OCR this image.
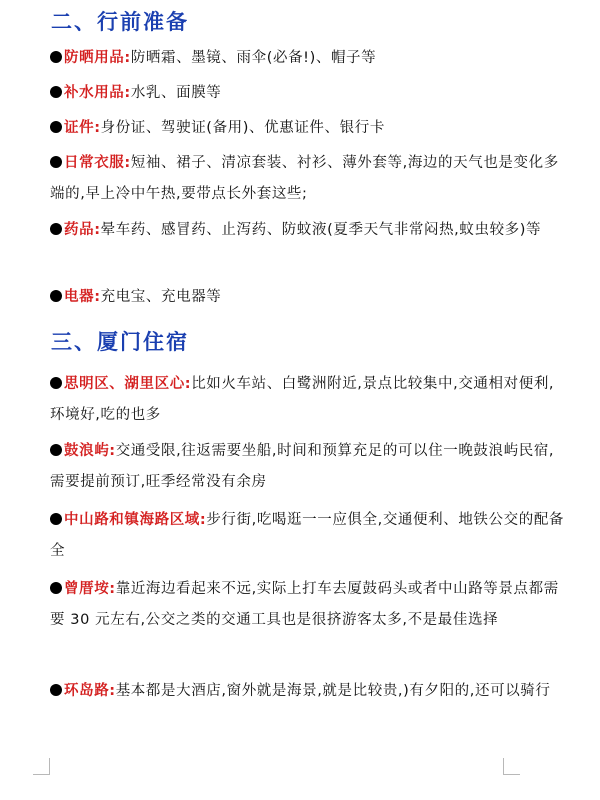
二、行前准备
防晒用品:防晒霜、墨镜、雨伞(必备!)、帽子等
补水用品:水乳、面膜等
证件:身份证、驾驶证(备用)、优惠证件、银行卡
日常衣服:短袖、裙子、清凉套装、衬衫、薄外套等,海边的天气也是变化多端的,早上冷中午热,要带点长外套这些;
药品:晕车药、感冒药、止泻药、防蚊液(夏季天气非常闷热,蚊虫较多)等
电器:充电宝、充电器等
三、厦门住宿
思明区、湖里区心:比如火车站、白鹭洲附近,景点比较集中,交通相对便利,环境好,吃的也多
鼓浪屿:交通受限,往返需要坐船,时间和预算充足的可以住一晚鼓浪屿民宿,需要提前预订,旺季经常没有余房
中山路和镇海路区域:步行街,吃喝逛一一应俱全,交通便利、地铁公交的配备全
曾厝垵:靠近海边看起来不远,实际上打车去厦鼓码头或者中山路等景点都需要 30 元左右,公交之类的交通工具也是很挤游客太多,不是最佳选择
环岛路:基本都是大酒店,窗外就是海景,就是比较贵,)有夕阳的,还可以骑行
